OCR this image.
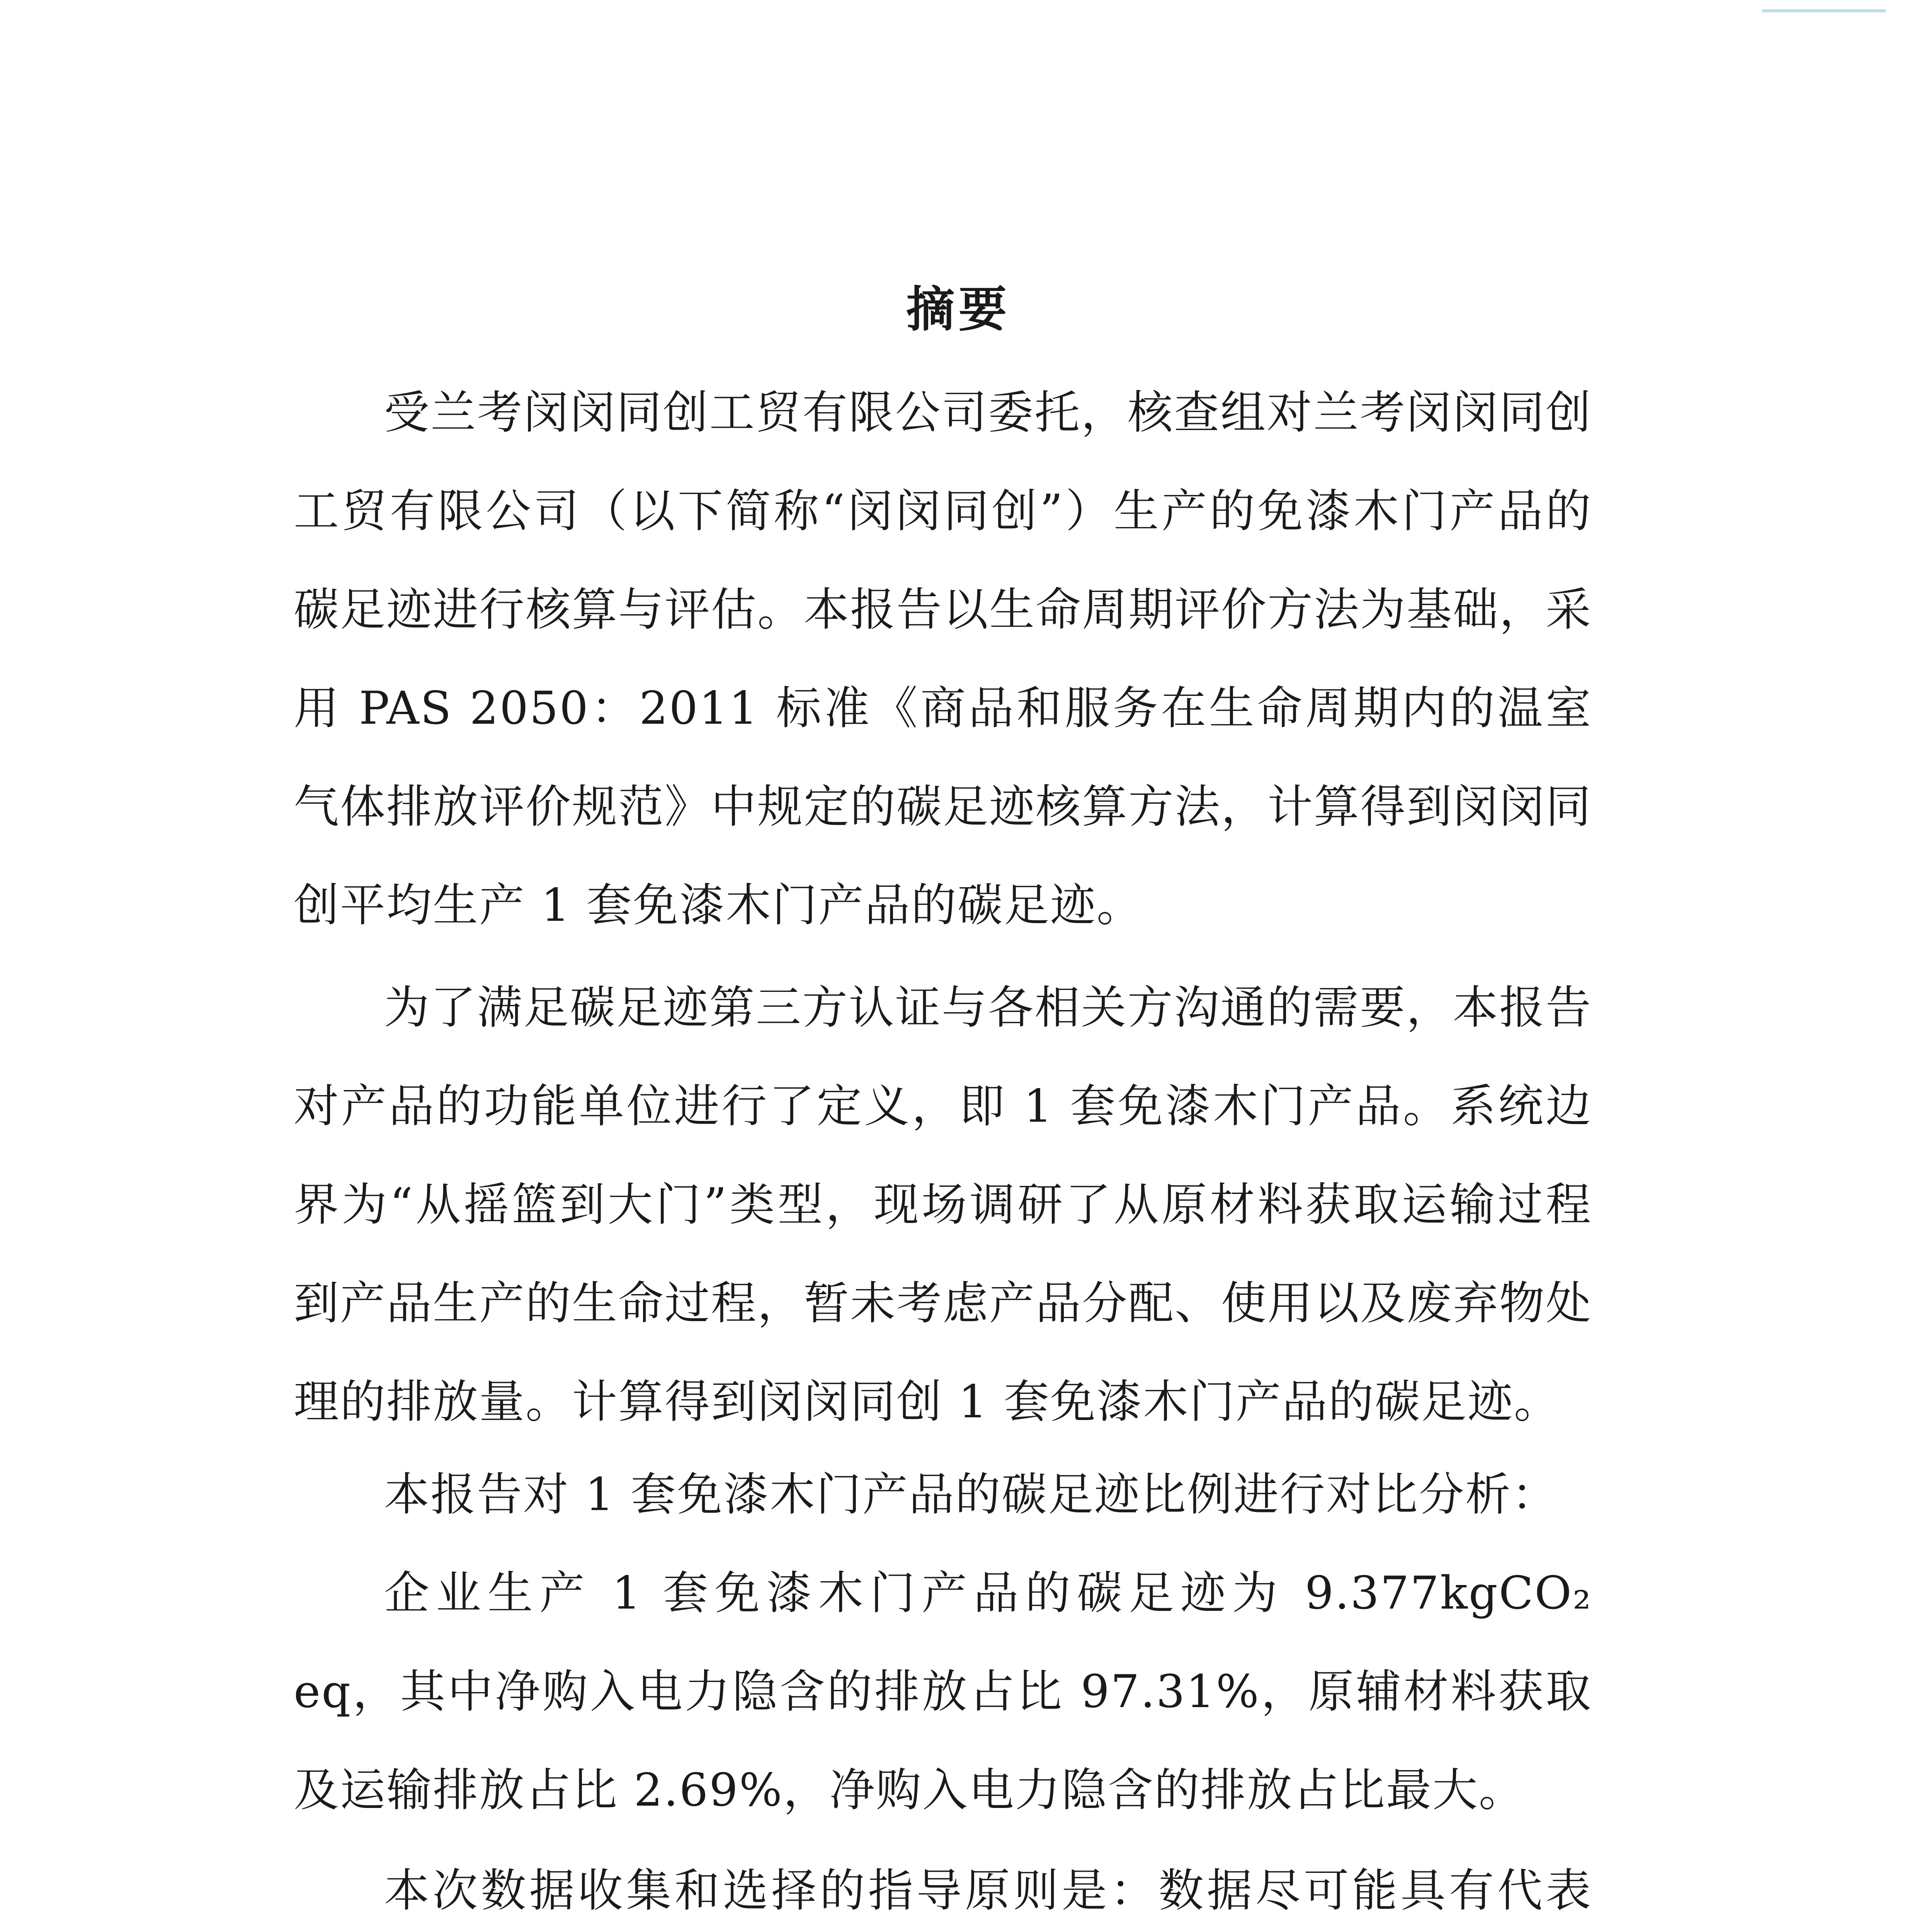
摘要

受兰考闵闵同创工贸有限公司委托，核查组对兰考闵闵同创工贸有限公司（以下简称“闵闵同创”）生产的免漆木门产品的碳足迹进行核算与评估。本报告以生命周期评价方法为基础，采用 PAS 2050：2011 标准《商品和服务在生命周期内的温室气体排放评价规范》中规定的碳足迹核算方法，计算得到闵闵同创平均生产 1 套免漆木门产品的碳足迹。

为了满足碳足迹第三方认证与各相关方沟通的需要，本报告对产品的功能单位进行了定义，即 1 套免漆木门产品。系统边界为“从摇篮到大门”类型，现场调研了从原材料获取运输过程到产品生产的生命过程，暂未考虑产品分配、使用以及废弃物处理的排放量。计算得到闵闵同创 1 套免漆木门产品的碳足迹。

本报告对 1 套免漆木门产品的碳足迹比例进行对比分析：

企业生产 1 套免漆木门产品的碳足迹为 9.377kgCO₂ eq，其中净购入电力隐含的排放占比 97.31%，原辅材料获取及运输排放占比 2.69%，净购入电力隐含的排放占比最大。

本次数据收集和选择的指导原则是：数据尽可能具有代表
